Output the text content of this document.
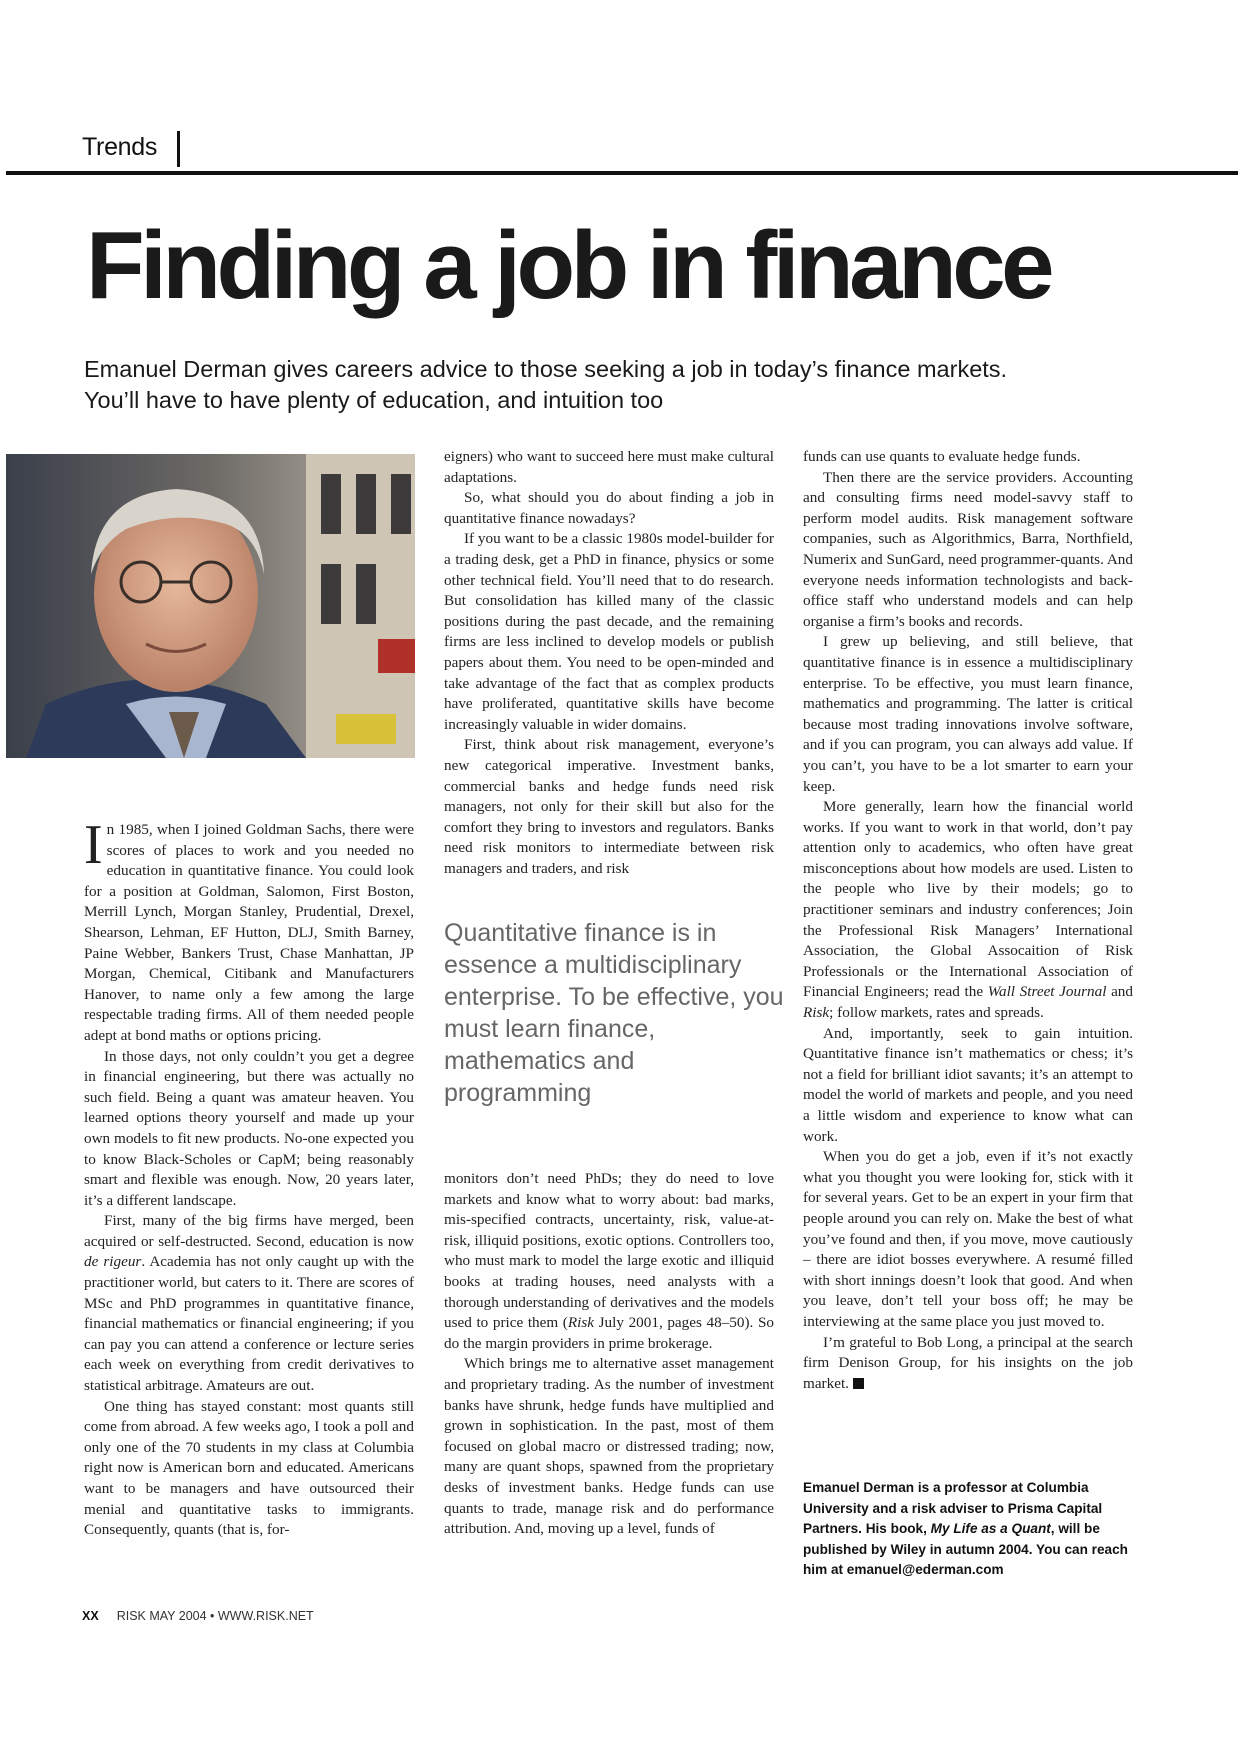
Trends
Finding a job in finance
Emanuel Derman gives careers advice to those seeking a job in today’s finance markets.
You’ll have to have plenty of education, and intuition too

In 1985, when I joined Goldman Sachs, there were scores of places to work and you needed no education in quantitative finance. You could look for a position at Goldman, Salomon, First Boston, Merrill Lynch, Morgan Stanley, Prudential, Drexel, Shearson, Lehman, EF Hutton, DLJ, Smith Barney, Paine Webber, Bankers Trust, Chase Manhattan, JP Morgan, Chemical, Citibank and Manufacturers Hanover, to name only a few among the large respectable trading firms. All of them needed people adept at bond maths or options pricing.

In those days, not only couldn’t you get a degree in financial engineering, but there was actually no such field. Being a quant was amateur heaven. You learned options theory yourself and made up your own models to fit new products. No-one expected you to know Black-Scholes or CapM; being reasonably smart and flexible was enough. Now, 20 years later, it’s a different landscape.

First, many of the big firms have merged, been acquired or self-destructed. Second, education is now de rigeur. Academia has not only caught up with the practitioner world, but caters to it. There are scores of MSc and PhD programmes in quantitative finance, financial mathematics or financial engineering; if you can pay you can attend a conference or lecture series each week on everything from credit derivatives to statistical arbitrage. Amateurs are out.

One thing has stayed constant: most quants still come from abroad. A few weeks ago, I took a poll and only one of the 70 students in my class at Columbia right now is American born and educated. Americans want to be managers and have outsourced their menial and quantitative tasks to immigrants. Consequently, quants (that is, for-

eigners) who want to succeed here must make cultural adaptations.

So, what should you do about finding a job in quantitative finance nowadays?

If you want to be a classic 1980s model-builder for a trading desk, get a PhD in finance, physics or some other technical field. You’ll need that to do research. But consolidation has killed many of the classic positions during the past decade, and the remaining firms are less inclined to develop models or publish papers about them. You need to be open-minded and take advantage of the fact that as complex products have proliferated, quantitative skills have become increasingly valuable in wider domains.

First, think about risk management, everyone’s new categorical imperative. Investment banks, commercial banks and hedge funds need risk managers, not only for their skill but also for the comfort they bring to investors and regulators. Banks need risk monitors to intermediate between risk managers and traders, and risk

Quantitative finance is in essence a multidisciplinary enterprise. To be effective, you must learn finance, mathematics and programming

monitors don’t need PhDs; they do need to love markets and know what to worry about: bad marks, mis-specified contracts, uncertainty, risk, value-at-risk, illiquid positions, exotic options. Controllers too, who must mark to model the large exotic and illiquid books at trading houses, need analysts with a thorough understanding of derivatives and the models used to price them (Risk July 2001, pages 48–50). So do the margin providers in prime brokerage.

Which brings me to alternative asset management and proprietary trading. As the number of investment banks have shrunk, hedge funds have multiplied and grown in sophistication. In the past, most of them focused on global macro or distressed trading; now, many are quant shops, spawned from the proprietary desks of investment banks. Hedge funds can use quants to trade, manage risk and do performance attribution. And, moving up a level, funds of

funds can use quants to evaluate hedge funds.

Then there are the service providers. Accounting and consulting firms need model-savvy staff to perform model audits. Risk management software companies, such as Algorithmics, Barra, Northfield, Numerix and SunGard, need programmer-quants. And everyone needs information technologists and back-office staff who understand models and can help organise a firm’s books and records.

I grew up believing, and still believe, that quantitative finance is in essence a multidisciplinary enterprise. To be effective, you must learn finance, mathematics and programming. The latter is critical because most trading innovations involve software, and if you can program, you can always add value. If you can’t, you have to be a lot smarter to earn your keep.

More generally, learn how the financial world works. If you want to work in that world, don’t pay attention only to academics, who often have great misconceptions about how models are used. Listen to the people who live by their models; go to practitioner seminars and industry conferences; Join the Professional Risk Managers’ International Association, the Global Assocaition of Risk Professionals or the International Association of Financial Engineers; read the Wall Street Journal and Risk; follow markets, rates and spreads.

And, importantly, seek to gain intuition. Quantitative finance isn’t mathematics or chess; it’s not a field for brilliant idiot savants; it’s an attempt to model the world of markets and people, and you need a little wisdom and experience to know what can work.

When you do get a job, even if it’s not exactly what you thought you were looking for, stick with it for several years. Get to be an expert in your firm that people around you can rely on. Make the best of what you’ve found and then, if you move, move cautiously – there are idiot bosses everywhere. A resumé filled with short innings doesn’t look that good. And when you leave, don’t tell your boss off; he may be interviewing at the same place you just moved to.

I’m grateful to Bob Long, a principal at the search firm Denison Group, for his insights on the job market.

Emanuel Derman is a professor at Columbia University and a risk adviser to Prisma Capital Partners. His book, My Life as a Quant, will be published by Wiley in autumn 2004. You can reach him at emanuel@ederman.com
XX RISK MAY 2004 • WWW.RISK.NET
